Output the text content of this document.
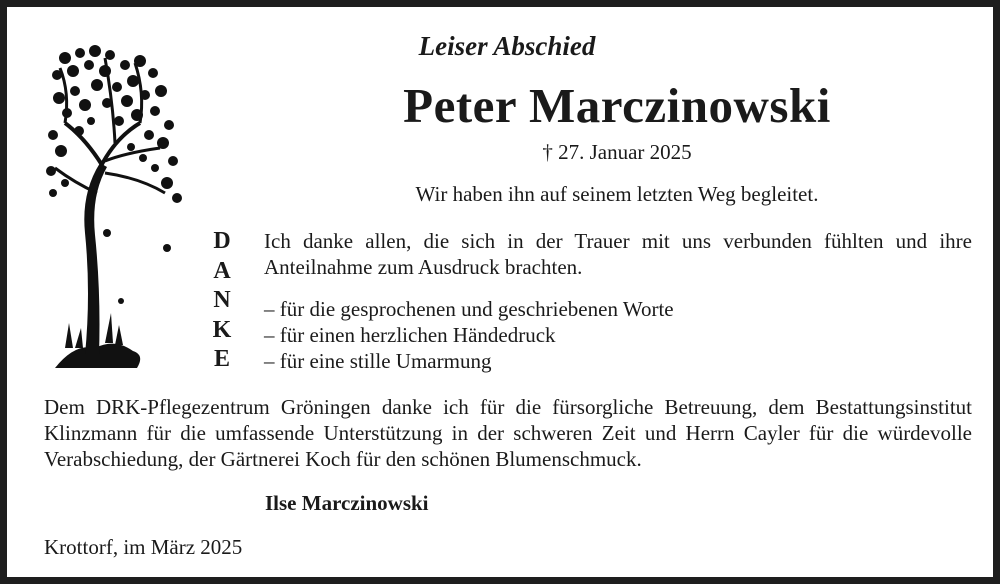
Leiser Abschied
Peter Marczinowski
† 27. Januar 2025
Wir haben ihn auf seinem letzten Weg begleitet.
D
A
N
K
E
Ich danke allen, die sich in der Trauer mit uns verbunden fühlten und ihre Anteilnahme zum Ausdruck brachten.
– für die gesprochenen und geschriebenen Worte
– für einen herzlichen Händedruck
– für eine stille Umarmung
Dem DRK-Pflegezentrum Gröningen danke ich für die fürsorgliche Betreuung, dem Bestattungsinstitut Klinzmann für die umfassende Unterstützung in der schweren Zeit und Herrn Cayler für die würdevolle Verabschiedung, der Gärtnerei Koch für den schönen Blumenschmuck.
Ilse Marczinowski
Krottorf, im März 2025
